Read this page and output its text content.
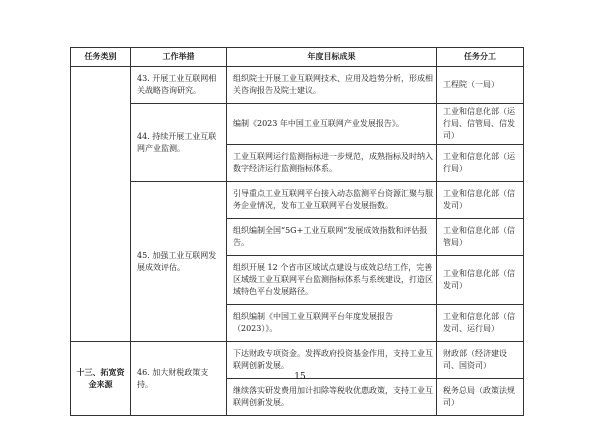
任务类别	工作举措	年度目标成果	任务分工
	43. 开展工业互联网相关战略咨询研究。	组织院士开展工业互联网技术、应用及趋势分析，形成相关咨询报告及院士建议。	工程院（一局）
	44. 持续开展工业互联网产业监测。	编制《2023 年中国工业互联网产业发展报告》。	工业和信息化部（运行局、信管局、信发司）
		工业互联网运行监测指标进一步规范，成熟指标及时纳入数字经济运行监测指标体系。	工业和信息化部（运行局）
	45. 加强工业互联网发展成效评估。	引导重点工业互联网平台接入动态监测平台资源汇聚与服务企业情况，发布工业互联网平台发展指数。	工业和信息化部（信发司）
		组织编制全国“5G+工业互联网”发展成效指数和评估报告。	工业和信息化部（信管局）
		组织开展 12 个省市区域试点建设与成效总结工作，完善区域级工业互联网平台监测指标体系与系统建设，打造区域特色平台发展路径。	工业和信息化部（信发司）
		组织编制《中国工业互联网平台年度发展报告（2023）》。	工业和信息化部（信发司、运行局）
十三、拓宽资金来源	46. 加大财税政策支持。	下达财政专项资金。发挥政府投资基金作用，支持工业互联网创新发展。	财政部（经济建设司、国资司）
		继续落实研发费用加计扣除等税收优惠政策，支持工业互联网创新发展。	税务总局（政策法规司）
15
